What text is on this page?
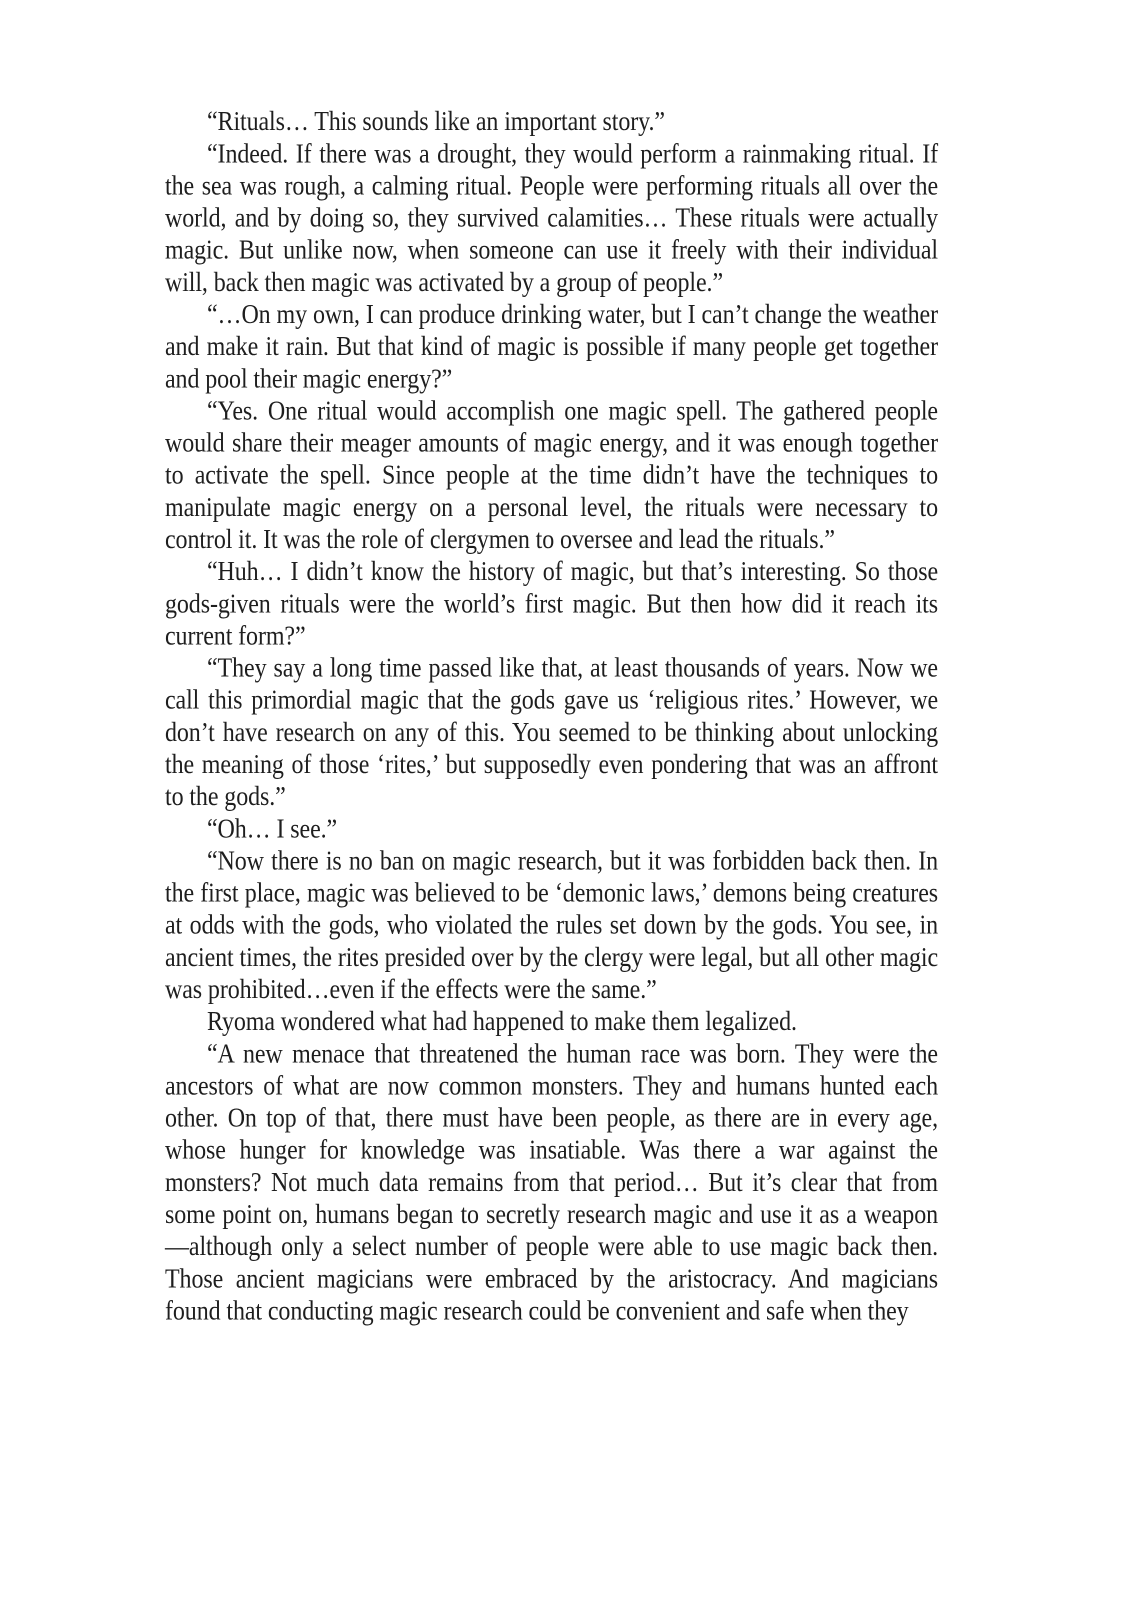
“Rituals… This sounds like an important story.”

“Indeed. If there was a drought, they would perform a rainmaking ritual. If the sea was rough, a calming ritual. People were performing rituals all over the world, and by doing so, they survived calamities… These rituals were actually magic. But unlike now, when someone can use it freely with their individual will, back then magic was activated by a group of people.”

“…On my own, I can produce drinking water, but I can’t change the weather and make it rain. But that kind of magic is possible if many people get together and pool their magic energy?”

“Yes. One ritual would accomplish one magic spell. The gathered people would share their meager amounts of magic energy, and it was enough together to activate the spell. Since people at the time didn’t have the techniques to manipulate magic energy on a personal level, the rituals were necessary to control it. It was the role of clergymen to oversee and lead the rituals.”

“Huh… I didn’t know the history of magic, but that’s interesting. So those gods-given rituals were the world’s first magic. But then how did it reach its current form?”

“They say a long time passed like that, at least thousands of years. Now we call this primordial magic that the gods gave us ‘religious rites.’ However, we don’t have research on any of this. You seemed to be thinking about unlocking the meaning of those ‘rites,’ but supposedly even pondering that was an affront to the gods.”

“Oh… I see.”

“Now there is no ban on magic research, but it was forbidden back then. In the first place, magic was believed to be ‘demonic laws,’ demons being creatures at odds with the gods, who violated the rules set down by the gods. You see, in ancient times, the rites presided over by the clergy were legal, but all other magic was prohibited…even if the effects were the same.”

Ryoma wondered what had happened to make them legalized.

“A new menace that threatened the human race was born. They were the ancestors of what are now common monsters. They and humans hunted each other. On top of that, there must have been people, as there are in every age, whose hunger for knowledge was insatiable. Was there a war against the monsters? Not much data remains from that period… But it’s clear that from some point on, humans began to secretly research magic and use it as a weapon—although only a select number of people were able to use magic back then. Those ancient magicians were embraced by the aristocracy. And magicians found that conducting magic research could be convenient and safe when they
